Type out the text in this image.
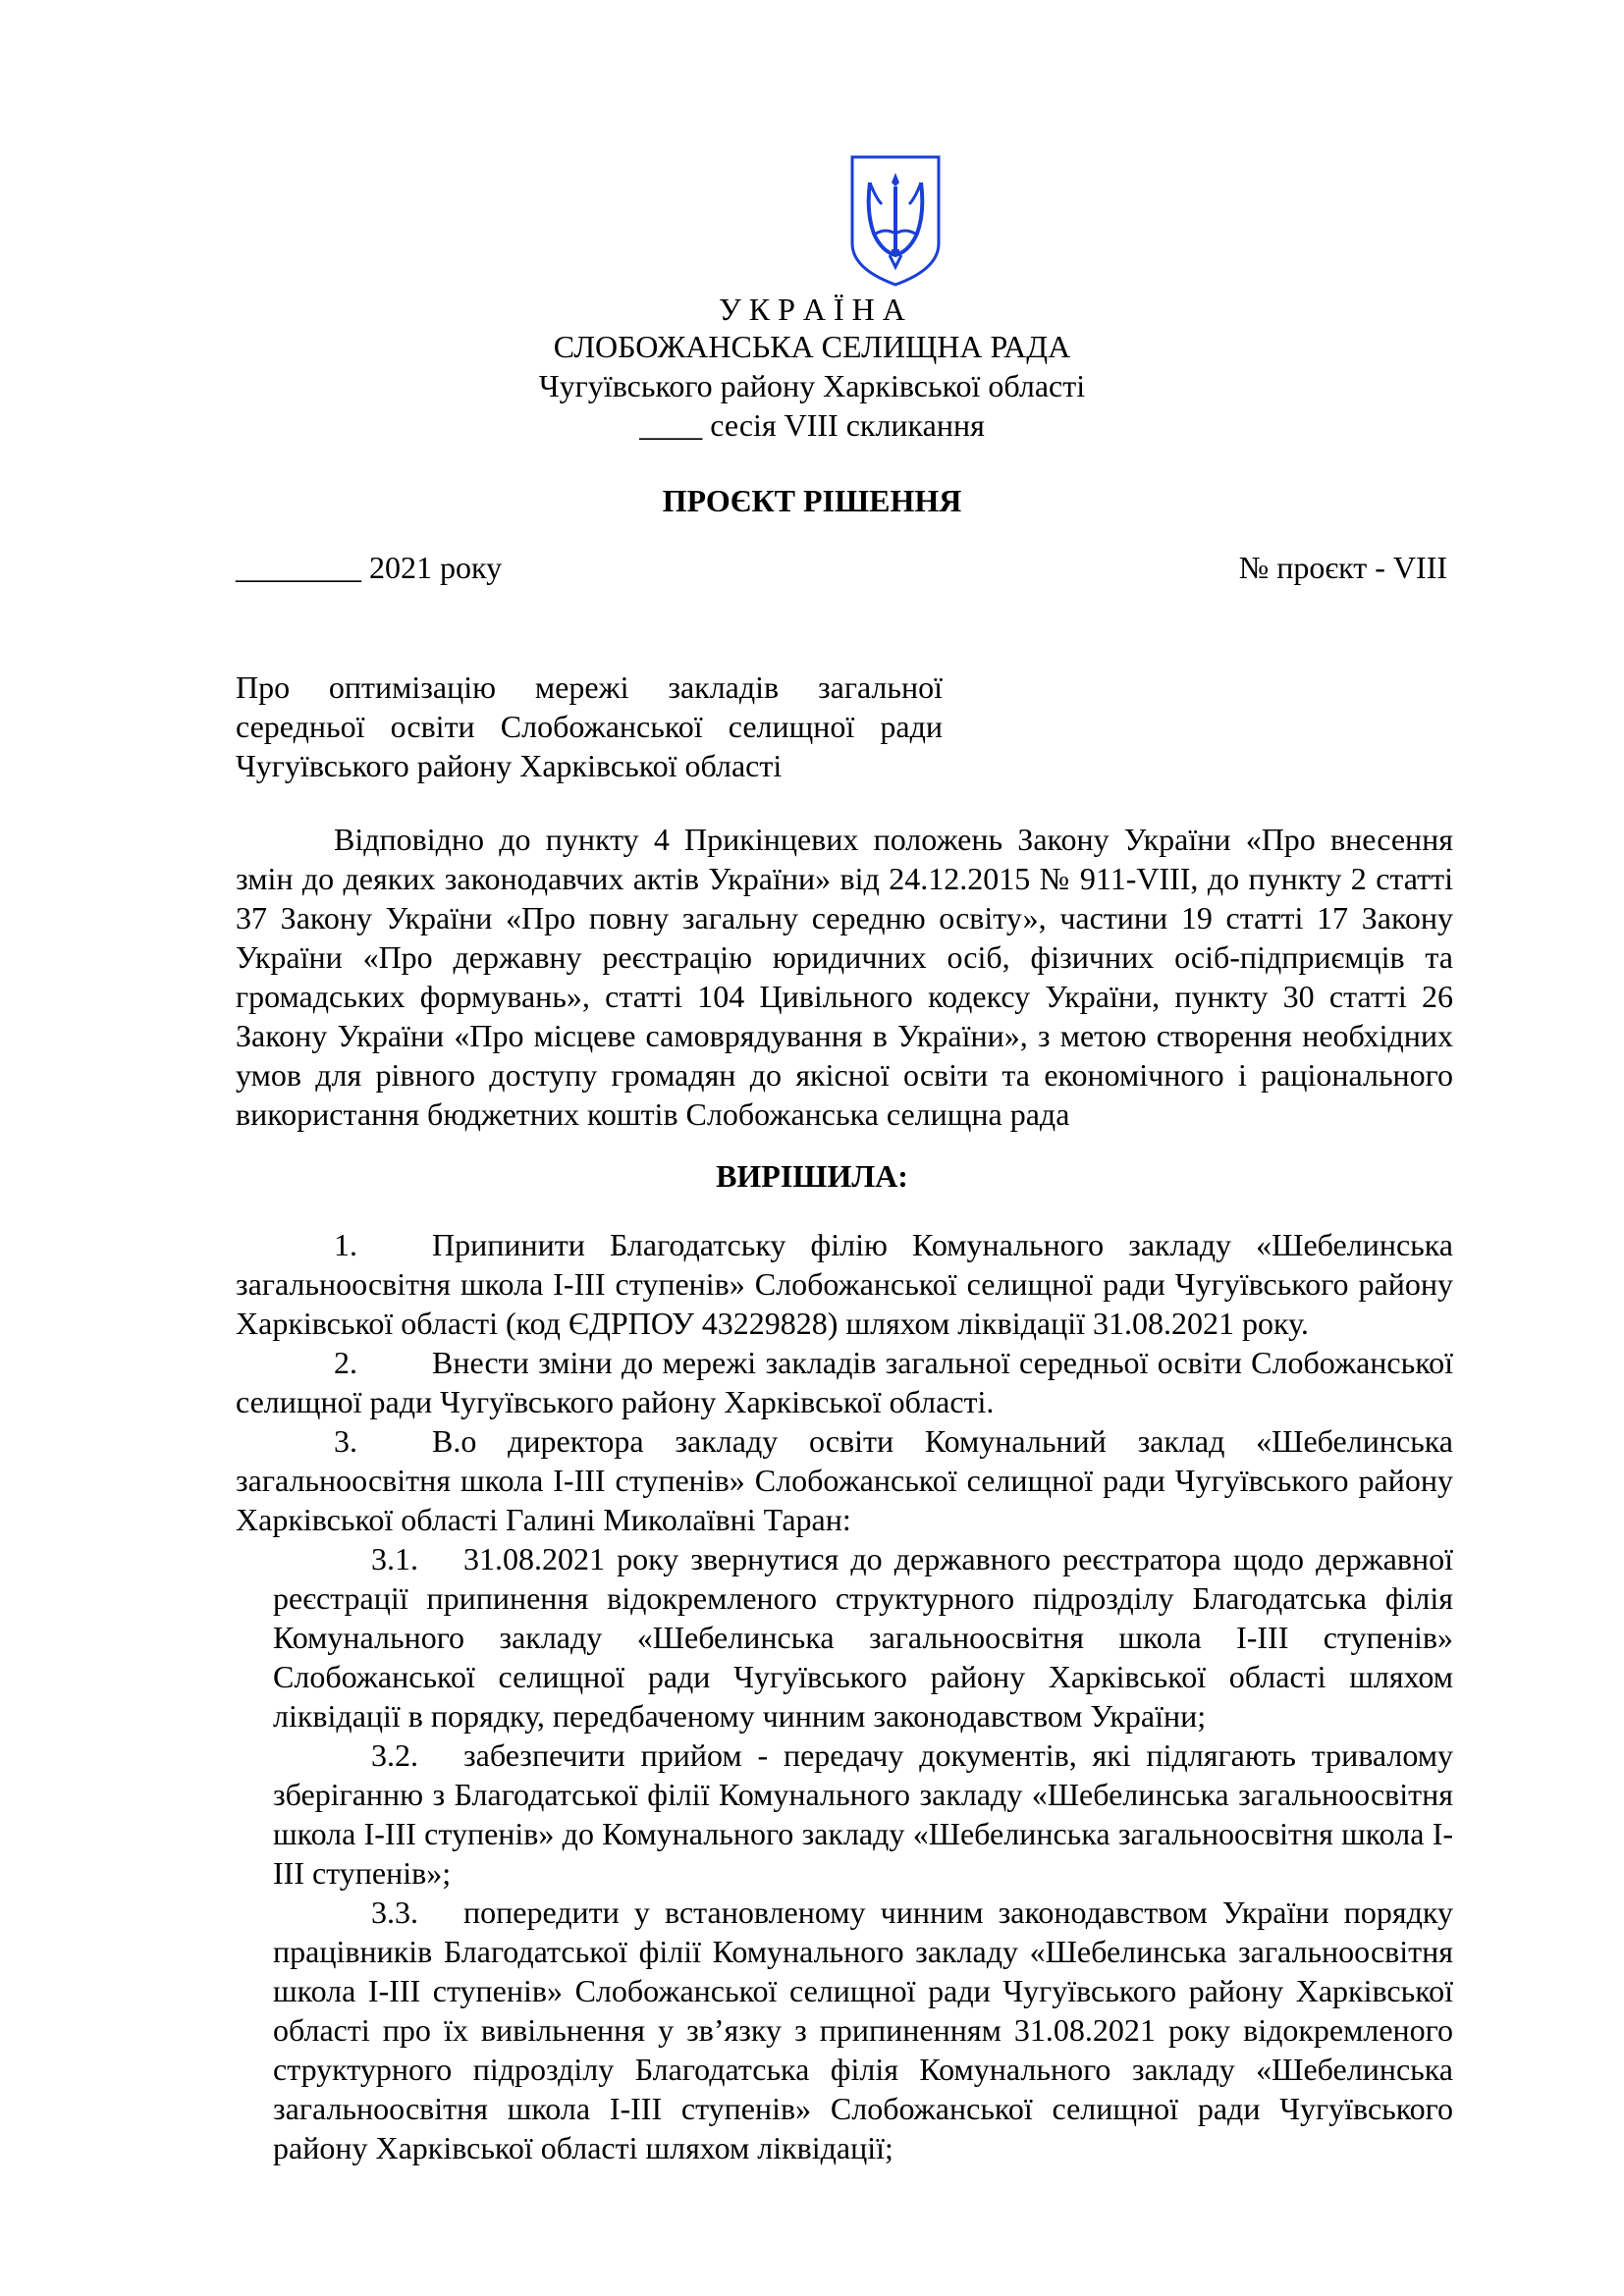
У К Р А Ї Н А
СЛОБОЖАНСЬКА СЕЛИЩНА РАДА
Чугуївського району Харківської області
____ сесія VIII скликання
ПРОЄКТ РІШЕННЯ
________ 2021 року	№ проєкт - VIII
Про оптимізацію мережі закладів загальної
середньої освіти Слобожанської селищної ради
Чугуївського району Харківської області
Відповідно до пункту 4 Прикінцевих положень Закону України «Про внесення змін до деяких законодавчих актів України» від 24.12.2015 № 911-VIII, до пункту 2 статті 37 Закону України «Про повну загальну середню освіту», частини 19 статті 17 Закону України «Про державну реєстрацію юридичних осіб, фізичних осіб-підприємців та громадських формувань», статті 104 Цивільного кодексу України, пункту 30 статті 26 Закону України «Про місцеве самоврядування в України», з метою створення необхідних умов для рівного доступу громадян до якісної освіти та економічного і раціонального використання бюджетних коштів Слобожанська селищна рада
ВИРІШИЛА:
1. Припинити Благодатську філію Комунального закладу «Шебелинська загальноосвітня школа І-ІІІ ступенів» Слобожанської селищної ради Чугуївського району Харківської області (код ЄДРПОУ 43229828) шляхом ліквідації 31.08.2021 року.
2. Внести зміни до мережі закладів загальної середньої освіти Слобожанської селищної ради Чугуївського району Харківської області.
3. В.о директора закладу освіти Комунальний заклад «Шебелинська загальноосвітня школа І-ІІІ ступенів» Слобожанської селищної ради Чугуївського району Харківської області Галині Миколаївні Таран:
3.1. 31.08.2021 року звернутися до державного реєстратора щодо державної реєстрації припинення відокремленого структурного підрозділу Благодатська філія Комунального закладу «Шебелинська загальноосвітня школа І-ІІІ ступенів» Слобожанської селищної ради Чугуївського району Харківської області шляхом ліквідації в порядку, передбаченому чинним законодавством України;
3.2. забезпечити прийом - передачу документів, які підлягають тривалому зберіганню з Благодатської філії Комунального закладу «Шебелинська загальноосвітня школа І-ІІІ ступенів» до Комунального закладу «Шебелинська загальноосвітня школа І-ІІІ ступенів»;
3.3. попередити у встановленому чинним законодавством України порядку працівників Благодатської філії Комунального закладу «Шебелинська загальноосвітня школа І-ІІІ ступенів» Слобожанської селищної ради Чугуївського району Харківської області про їх вивільнення у зв’язку з припиненням 31.08.2021 року відокремленого структурного підрозділу Благодатська філія Комунального закладу «Шебелинська загальноосвітня школа І-ІІІ ступенів» Слобожанської селищної ради Чугуївського району Харківської області шляхом ліквідації;
